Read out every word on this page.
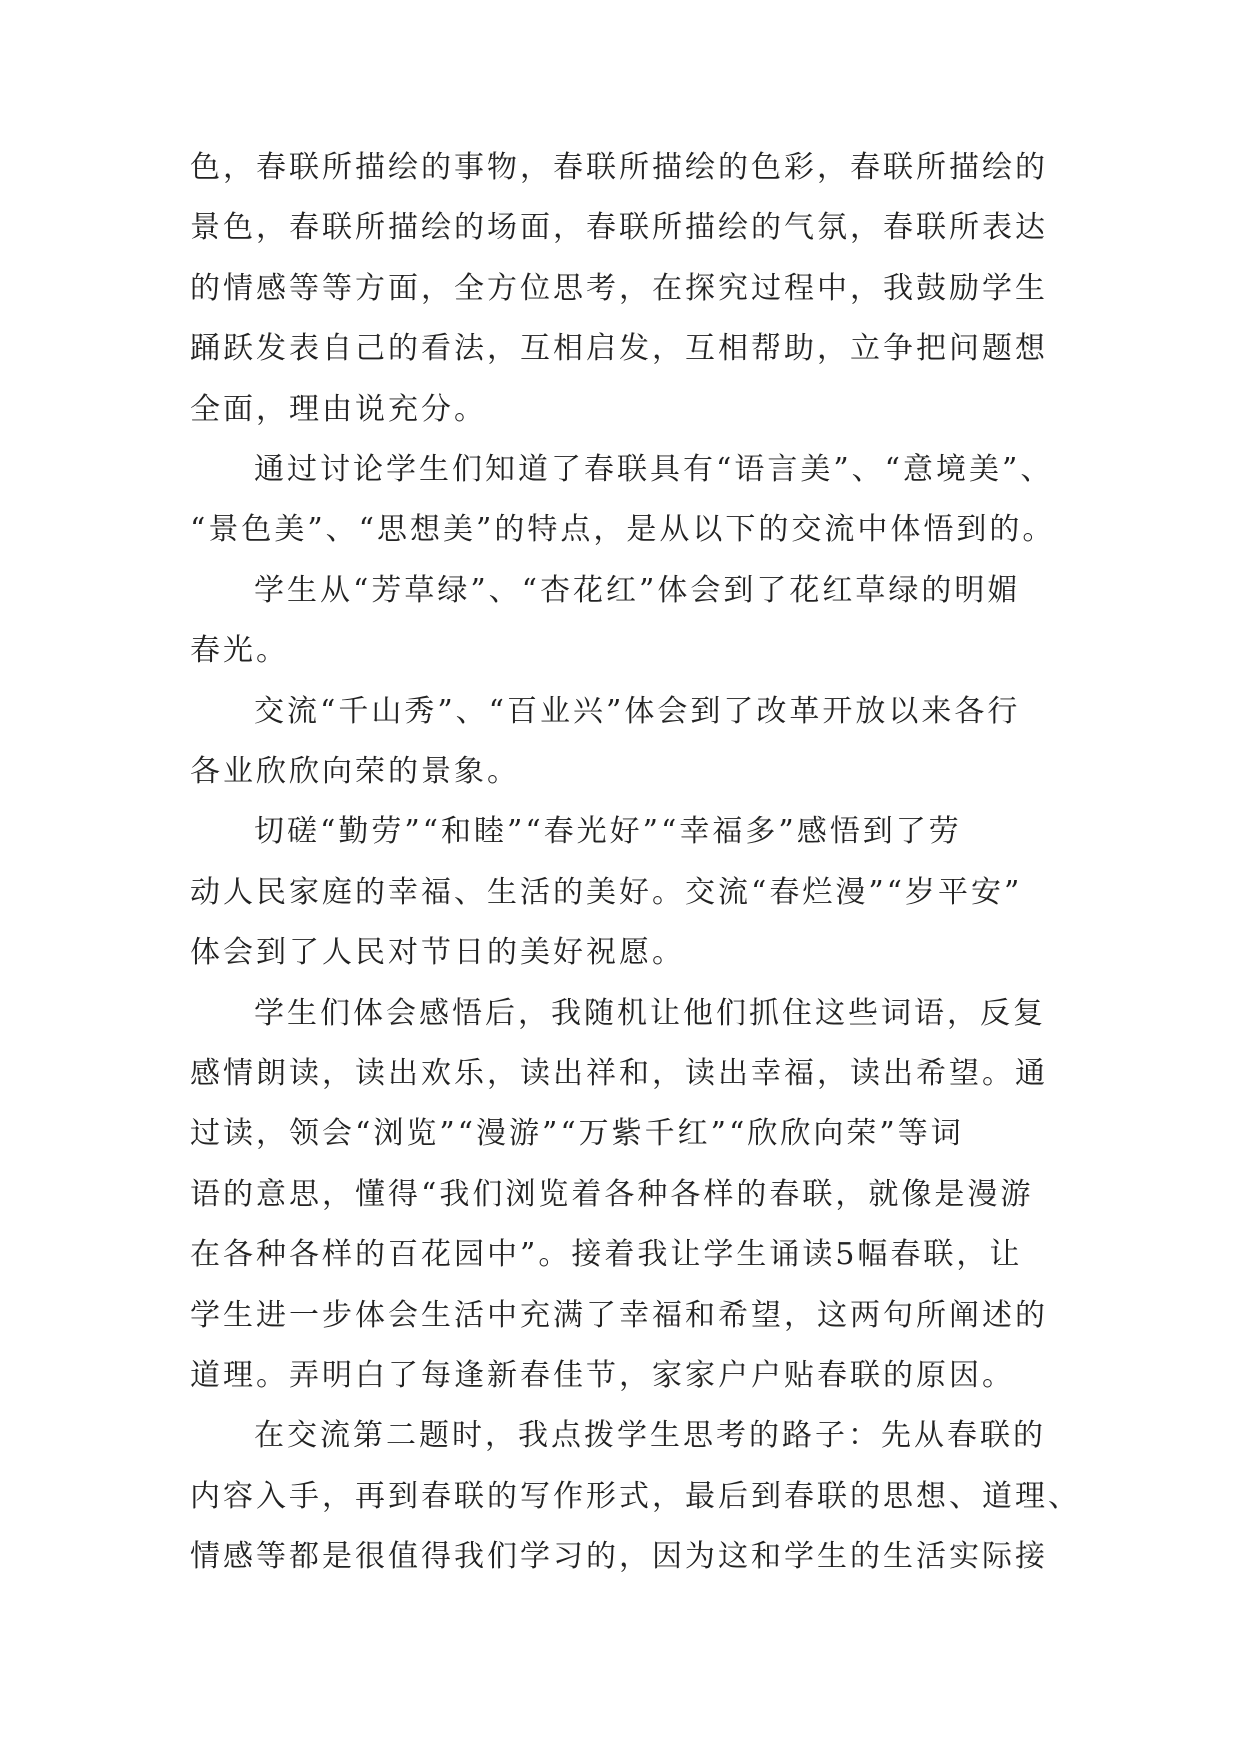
色，春联所描绘的事物，春联所描绘的色彩，春联所描绘的
景色，春联所描绘的场面，春联所描绘的气氛，春联所表达
的情感等等方面，全方位思考，在探究过程中，我鼓励学生
踊跃发表自己的看法，互相启发，互相帮助，立争把问题想
全面，理由说充分。
通过讨论学生们知道了春联具有“语言美”、“意境美”、
“景色美”、“思想美”的特点，是从以下的交流中体悟到的。
学生从“芳草绿”、“杏花红”体会到了花红草绿的明媚
春光。
交流“千山秀”、“百业兴”体会到了改革开放以来各行
各业欣欣向荣的景象。
切磋“勤劳”“和睦”“春光好”“幸福多”感悟到了劳
动人民家庭的幸福、生活的美好。交流“春烂漫”“岁平安”
体会到了人民对节日的美好祝愿。
学生们体会感悟后，我随机让他们抓住这些词语，反复
感情朗读，读出欢乐，读出祥和，读出幸福，读出希望。通
过读，领会“浏览”“漫游”“万紫千红”“欣欣向荣”等词
语的意思，懂得“我们浏览着各种各样的春联，就像是漫游
在各种各样的百花园中”。接着我让学生诵读5幅春联，让
学生进一步体会生活中充满了幸福和希望，这两句所阐述的
道理。弄明白了每逢新春佳节，家家户户贴春联的原因。
在交流第二题时，我点拨学生思考的路子：先从春联的
内容入手，再到春联的写作形式，最后到春联的思想、道理、
情感等都是很值得我们学习的，因为这和学生的生活实际接
